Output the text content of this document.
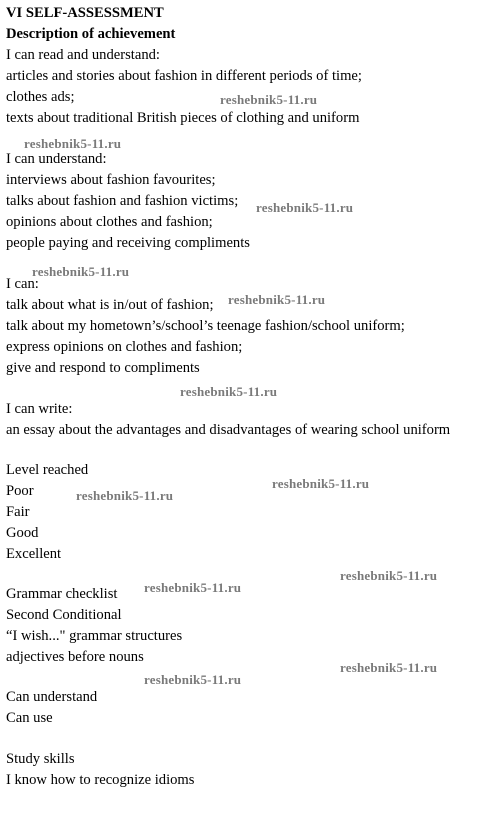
VI SELF-ASSESSMENT
Description of achievement
I can read and understand:
articles and stories about fashion in different periods of time;
clothes ads;
texts about traditional British pieces of clothing and uniform
I can understand:
interviews about fashion favourites;
talks about fashion and fashion victims;
opinions about clothes and fashion;
people paying and receiving compliments
I can:
talk about what is in/out of fashion;
talk about my hometown’s/school’s teenage fashion/school uniform;
express opinions on clothes and fashion;
give and respond to compliments
I can write:
an essay about the advantages and disadvantages of wearing school uniform
Level reached
Poor
Fair
Good
Excellent
Grammar checklist
Second Conditional
“I wish..." grammar structures
adjectives before nouns
Can understand
Can use
Study skills
I know how to recognize idioms
reshebnik5-11.ru
reshebnik5-11.ru
reshebnik5-11.ru
reshebnik5-11.ru
reshebnik5-11.ru
reshebnik5-11.ru
reshebnik5-11.ru
reshebnik5-11.ru
reshebnik5-11.ru
reshebnik5-11.ru
reshebnik5-11.ru
reshebnik5-11.ru
